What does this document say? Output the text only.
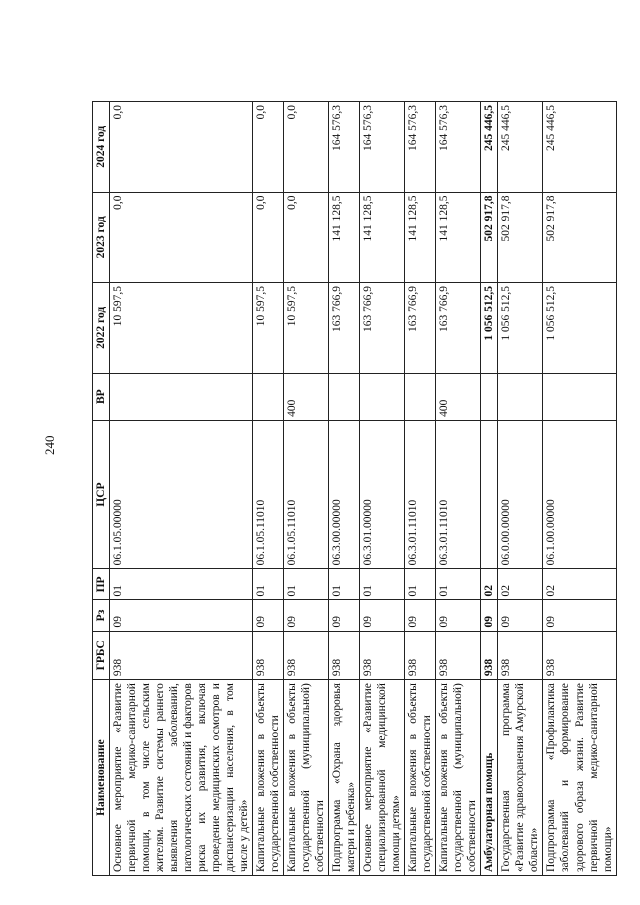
240
Наименование	ГРБС	Рз	ПР	ЦСР	ВР	2022 год	2023 год	2024 год
Основное мероприятие «Развитие первичной медико-санитарной помощи, в том числе сельским жителям. Развитие системы раннего выявления заболеваний, патологических состояний и факторов риска их развития, включая проведение медицинских осмотров и диспансеризации населения, в том числе у детей»	938	09	01	06.1.05.00000		10 597,5	0,0	0,0
Капитальные вложения в объекты государственной собственности	938	09	01	06.1.05.11010		10 597,5	0,0	0,0
Капитальные вложения в объекты государственной (муниципальной) собственности	938	09	01	06.1.05.11010	400	10 597,5	0,0	0,0
Подпрограмма «Охрана здоровья матери и ребенка»	938	09	01	06.3.00.00000		163 766,9	141 128,5	164 576,3
Основное мероприятие «Развитие специализированной медицинской помощи детям»	938	09	01	06.3.01.00000		163 766,9	141 128,5	164 576,3
Капитальные вложения в объекты государственной собственности	938	09	01	06.3.01.11010		163 766,9	141 128,5	164 576,3
Капитальные вложения в объекты государственной (муниципальной) собственности	938	09	01	06.3.01.11010	400	163 766,9	141 128,5	164 576,3
Амбулаторная помощь	938	09	02			1 056 512,5	502 917,8	245 446,5
Государственная программа «Развитие здравоохранения Амурской области»	938	09	02	06.0.00.00000		1 056 512,5	502 917,8	245 446,5
Подпрограмма «Профилактика заболеваний и формирование здорового образа жизни. Развитие первичной медико-санитарной помощи»	938	09	02	06.1.00.00000		1 056 512,5	502 917,8	245 446,5
